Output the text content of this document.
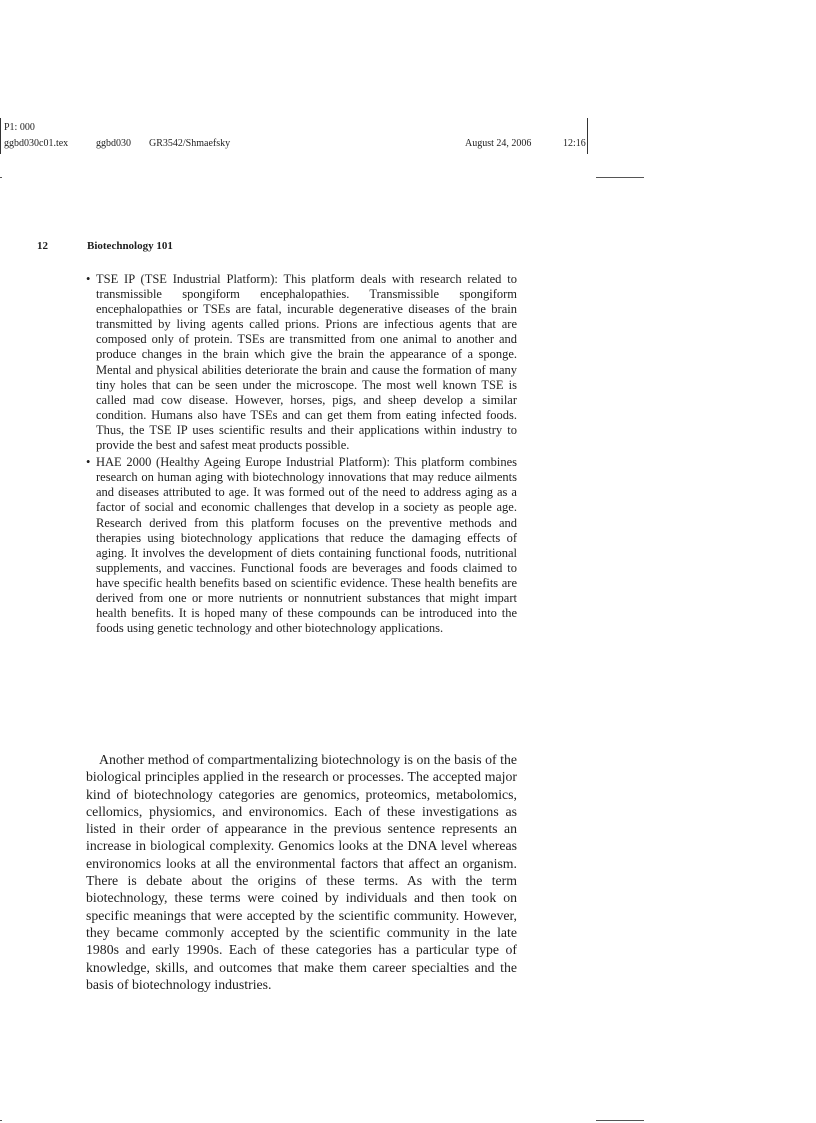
P1: 000
ggbd030c01.tex	ggbd030 GR3542/Shmaefsky	August 24, 2006	12:16
12	Biotechnology 101
• TSE IP (TSE Industrial Platform): This platform deals with research related to transmissible spongiform encephalopathies. Transmissible spongiform encephalopathies or TSEs are fatal, incurable degenerative diseases of the brain transmitted by living agents called prions. Prions are infectious agents that are composed only of protein. TSEs are transmitted from one animal to another and produce changes in the brain which give the brain the appearance of a sponge. Mental and physical abilities deteriorate the brain and cause the formation of many tiny holes that can be seen under the microscope. The most well known TSE is called mad cow disease. However, horses, pigs, and sheep develop a similar condition. Humans also have TSEs and can get them from eating infected foods. Thus, the TSE IP uses scientific results and their applications within industry to provide the best and safest meat products possible.
• HAE 2000 (Healthy Ageing Europe Industrial Platform): This platform combines research on human aging with biotechnology innovations that may reduce ailments and diseases attributed to age. It was formed out of the need to address aging as a factor of social and economic challenges that develop in a society as people age. Research derived from this platform focuses on the preventive methods and therapies using biotechnology applications that reduce the damaging effects of aging. It involves the development of diets containing functional foods, nutritional supplements, and vaccines. Functional foods are beverages and foods claimed to have specific health benefits based on scientific evidence. These health benefits are derived from one or more nutrients or nonnutrient substances that might impart health benefits. It is hoped many of these compounds can be introduced into the foods using genetic technology and other biotechnology applications.

Another method of compartmentalizing biotechnology is on the basis of the biological principles applied in the research or processes. The accepted major kind of biotechnology categories are genomics, proteomics, metabolomics, cellomics, physiomics, and environomics. Each of these investigations as listed in their order of appearance in the previous sentence represents an increase in biological complexity. Genomics looks at the DNA level whereas environomics looks at all the environmental factors that affect an organism. There is debate about the origins of these terms. As with the term biotechnology, these terms were coined by individuals and then took on specific meanings that were accepted by the scientific community. However, they became commonly accepted by the scientific community in the late 1980s and early 1990s. Each of these categories has a particular type of knowledge, skills, and outcomes that make them career specialties and the basis of biotechnology industries.
